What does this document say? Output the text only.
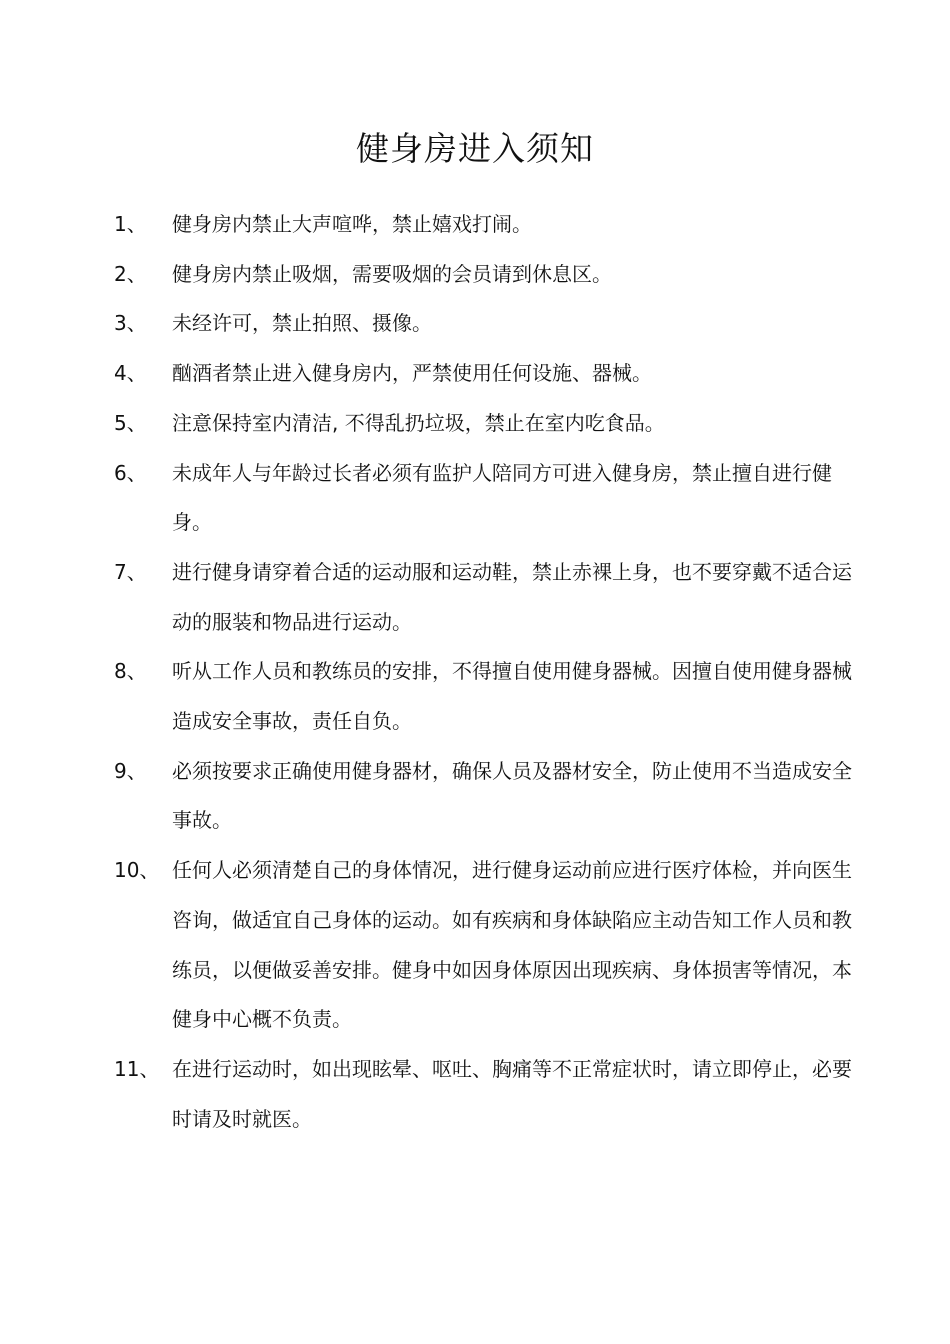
健身房进入须知
1、	健身房内禁止大声喧哗，禁止嬉戏打闹。
2、	健身房内禁止吸烟，需要吸烟的会员请到休息区。
3、	未经许可，禁止拍照、摄像。
4、	酗酒者禁止进入健身房内，严禁使用任何设施、器械。
5、	注意保持室内清洁, 不得乱扔垃圾，禁止在室内吃食品。
6、	未成年人与年龄过长者必须有监护人陪同方可进入健身房，禁止擅自进行健身。
7、	进行健身请穿着合适的运动服和运动鞋，禁止赤裸上身，也不要穿戴不适合运动的服装和物品进行运动。
8、	听从工作人员和教练员的安排，不得擅自使用健身器械。因擅自使用健身器械造成安全事故，责任自负。
9、	必须按要求正确使用健身器材，确保人员及器材安全，防止使用不当造成安全事故。
10、 任何人必须清楚自己的身体情况，进行健身运动前应进行医疗体检，并向医生咨询，做适宜自己身体的运动。如有疾病和身体缺陷应主动告知工作人员和教练员，以便做妥善安排。健身中如因身体原因出现疾病、身体损害等情况，本健身中心概不负责。
11、 在进行运动时，如出现眩晕、呕吐、胸痛等不正常症状时，请立即停止，必要时请及时就医。
